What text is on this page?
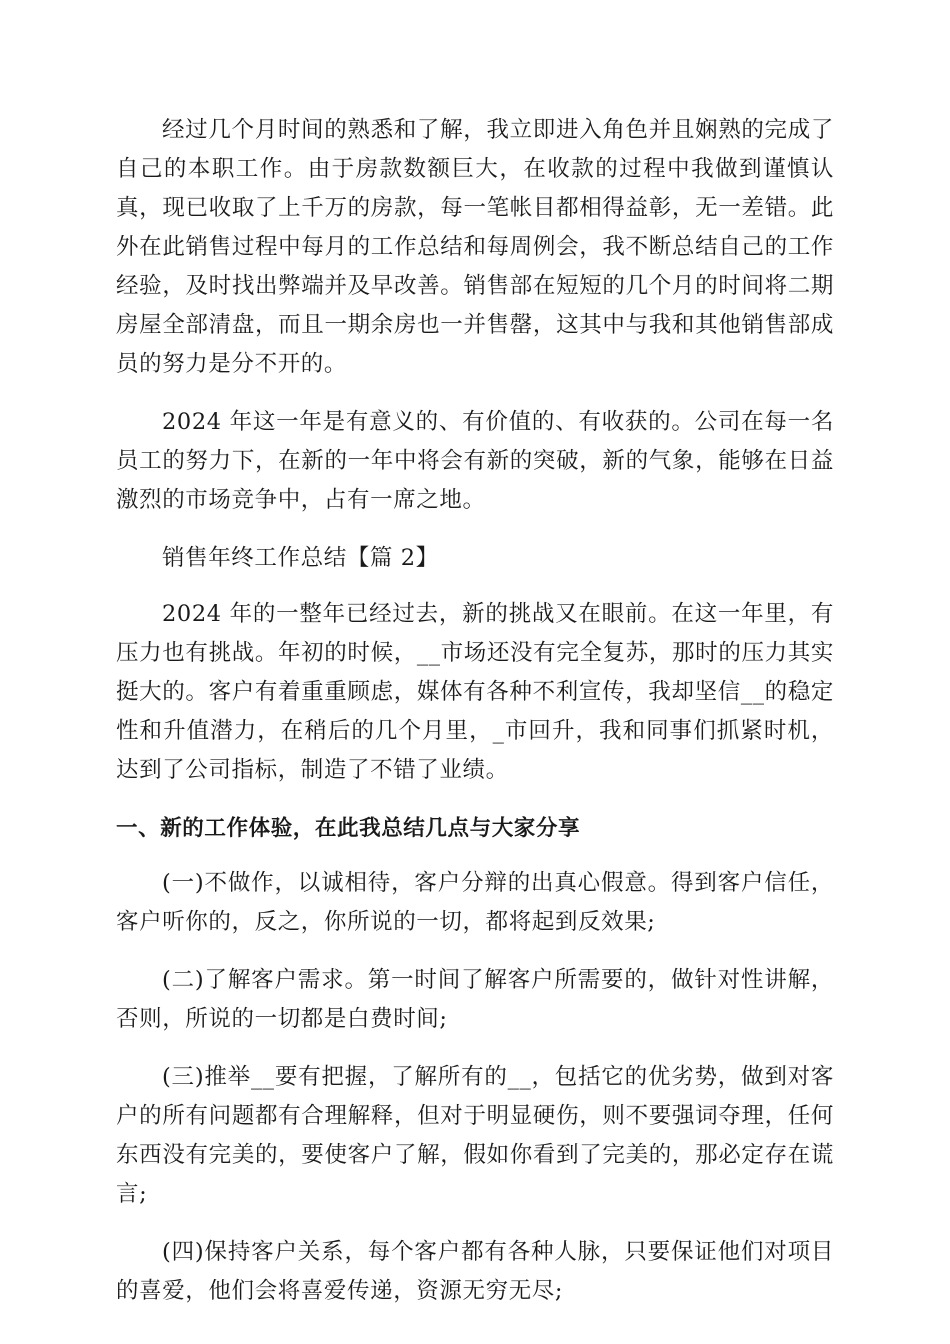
经过几个月时间的熟悉和了解，我立即进入角色并且娴熟的完成了自己的本职工作。由于房款数额巨大，在收款的过程中我做到谨慎认真，现已收取了上千万的房款，每一笔帐目都相得益彰，无一差错。此外在此销售过程中每月的工作总结和每周例会，我不断总结自己的工作经验，及时找出弊端并及早改善。销售部在短短的几个月的时间将二期房屋全部清盘，而且一期余房也一并售罄，这其中与我和其他销售部成员的努力是分不开的。

2024 年这一年是有意义的、有价值的、有收获的。公司在每一名员工的努力下，在新的一年中将会有新的突破，新的气象，能够在日益激烈的市场竞争中，占有一席之地。

销售年终工作总结【篇 2】

2024 年的一整年已经过去，新的挑战又在眼前。在这一年里，有压力也有挑战。年初的时候，__市场还没有完全复苏，那时的压力其实挺大的。客户有着重重顾虑，媒体有各种不利宣传，我却坚信__的稳定性和升值潜力，在稍后的几个月里，_市回升，我和同事们抓紧时机，达到了公司指标，制造了不错了业绩。

一、新的工作体验，在此我总结几点与大家分享

(一)不做作，以诚相待，客户分辩的出真心假意。得到客户信任，客户听你的，反之，你所说的一切，都将起到反效果;

(二)了解客户需求。第一时间了解客户所需要的，做针对性讲解，否则，所说的一切都是白费时间;

(三)推举__要有把握，了解所有的__，包括它的优劣势，做到对客户的所有问题都有合理解释，但对于明显硬伤，则不要强词夺理，任何东西没有完美的，要使客户了解，假如你看到了完美的，那必定存在谎言;

(四)保持客户关系，每个客户都有各种人脉，只要保证他们对项目的喜爱，他们会将喜爱传递，资源无穷无尽;
